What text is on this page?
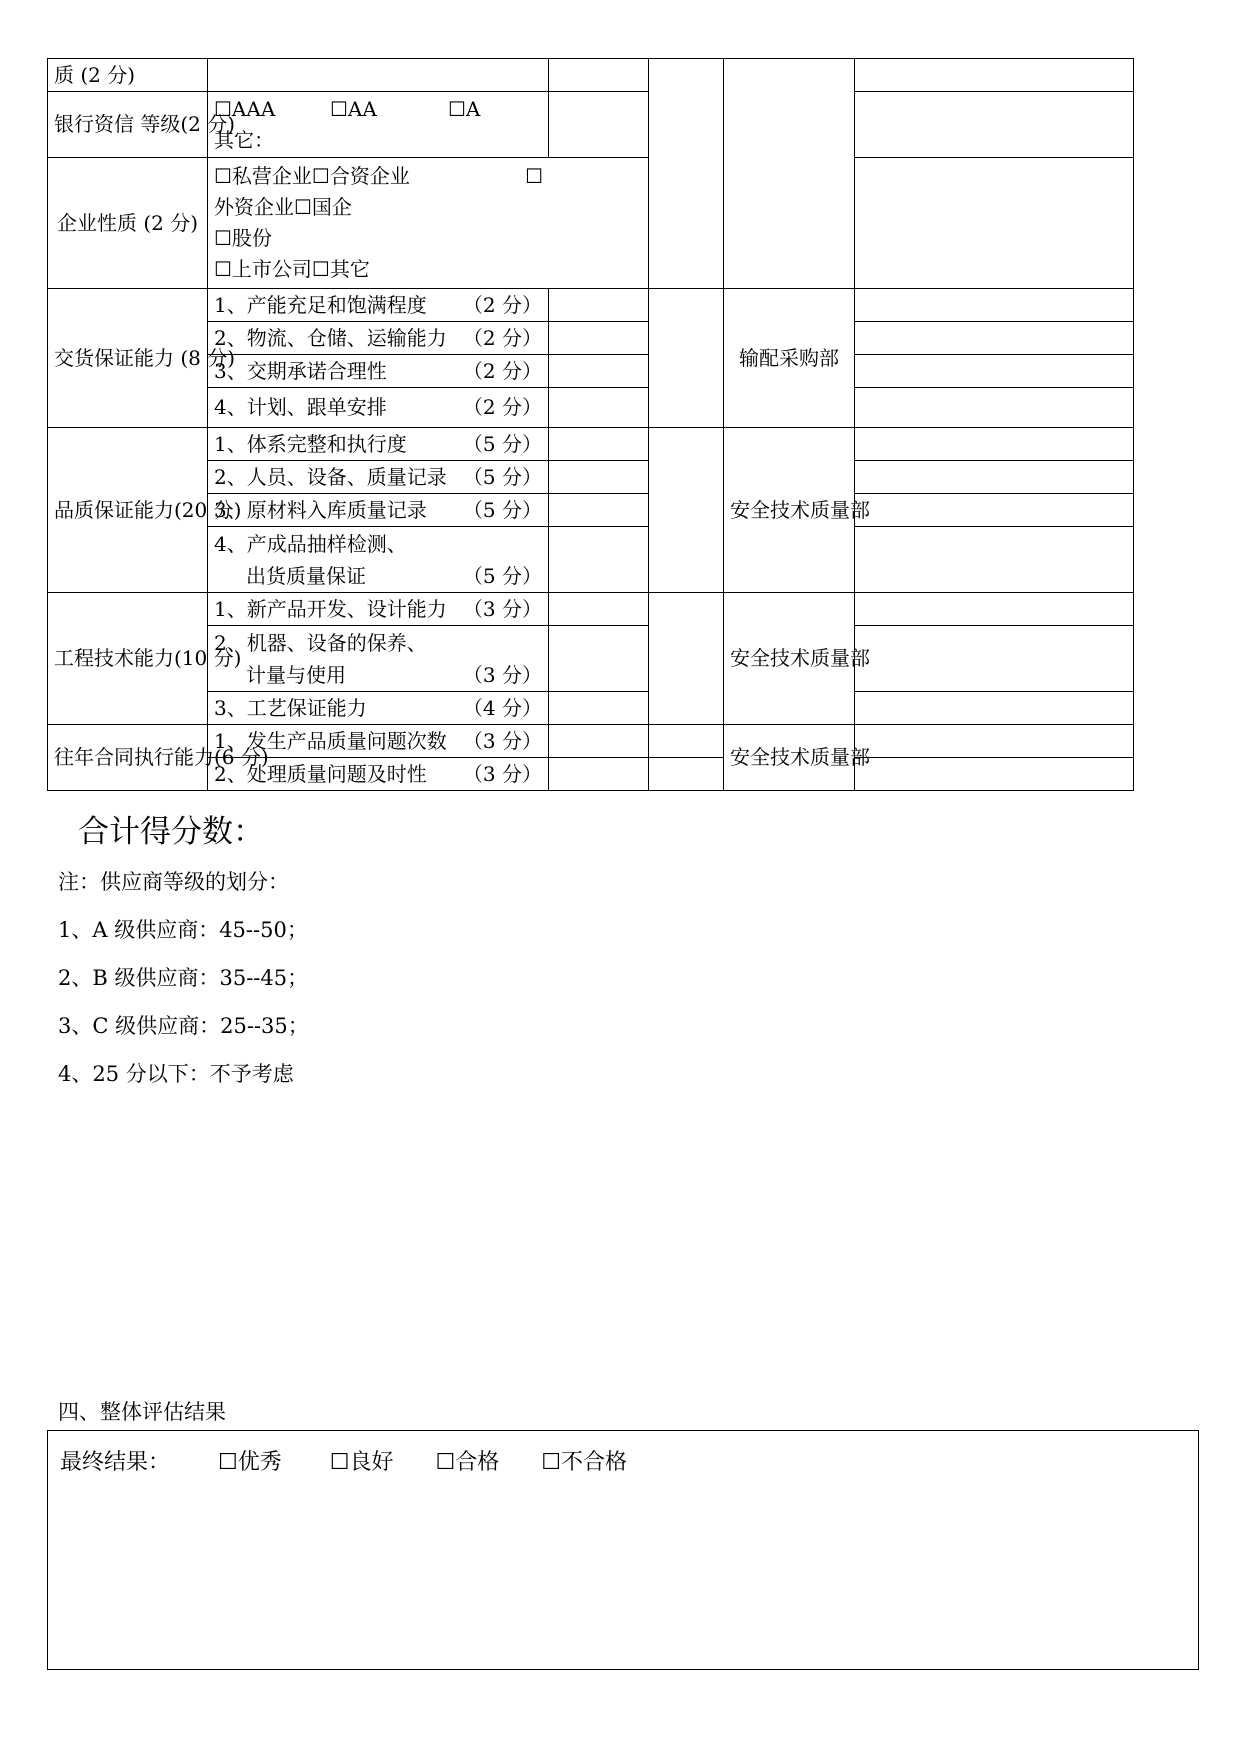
质 (2 分)					
银行资信 等级(2 分)	☐AAA ☐AA ☐A
其它：				

企业性质 (2 分)	☐私营企业☐合资企业 ☐
外资企业☐国企
☐股份
☐上市公司☐其它				

交货保证能力 (8 分)	1、产能充足和饱满程度 （2 分）			输配采购部	

	2、物流、仓储、运输能力 （2 分）				

	3、交期承诺合理性 （2 分）				

	4、计划、跟单安排 （2 分）				

品质保证能力(20 分)	1、体系完整和执行度 （5 分）			安全技术质量部	

	2、人员、设备、质量记录 （5 分）				

	3、原材料入库质量记录 （5 分）				

	4、产成品抽样检测、
出货质量保证 （5 分）				

工程技术能力(10 分)	1、新产品开发、设计能力 （3 分）			安全技术质量部	

	2、机器、设备的保养、
计量与使用 （3 分）				

	3、工艺保证能力 （4 分）				

往年合同执行能力(6 分)	1、发生产品质量问题次数 （3 分）			安全技术质量部	

	2、处理质量问题及时性 （3 分）				

合计得分数：
注：供应商等级的划分：
1、A 级供应商：45--50；
2、B 级供应商：35--45；
3、C 级供应商：25--35；
4、25 分以下：不予考虑
四、整体评估结果
最终结果： ☐优秀 ☐良好 ☐合格 ☐不合格
